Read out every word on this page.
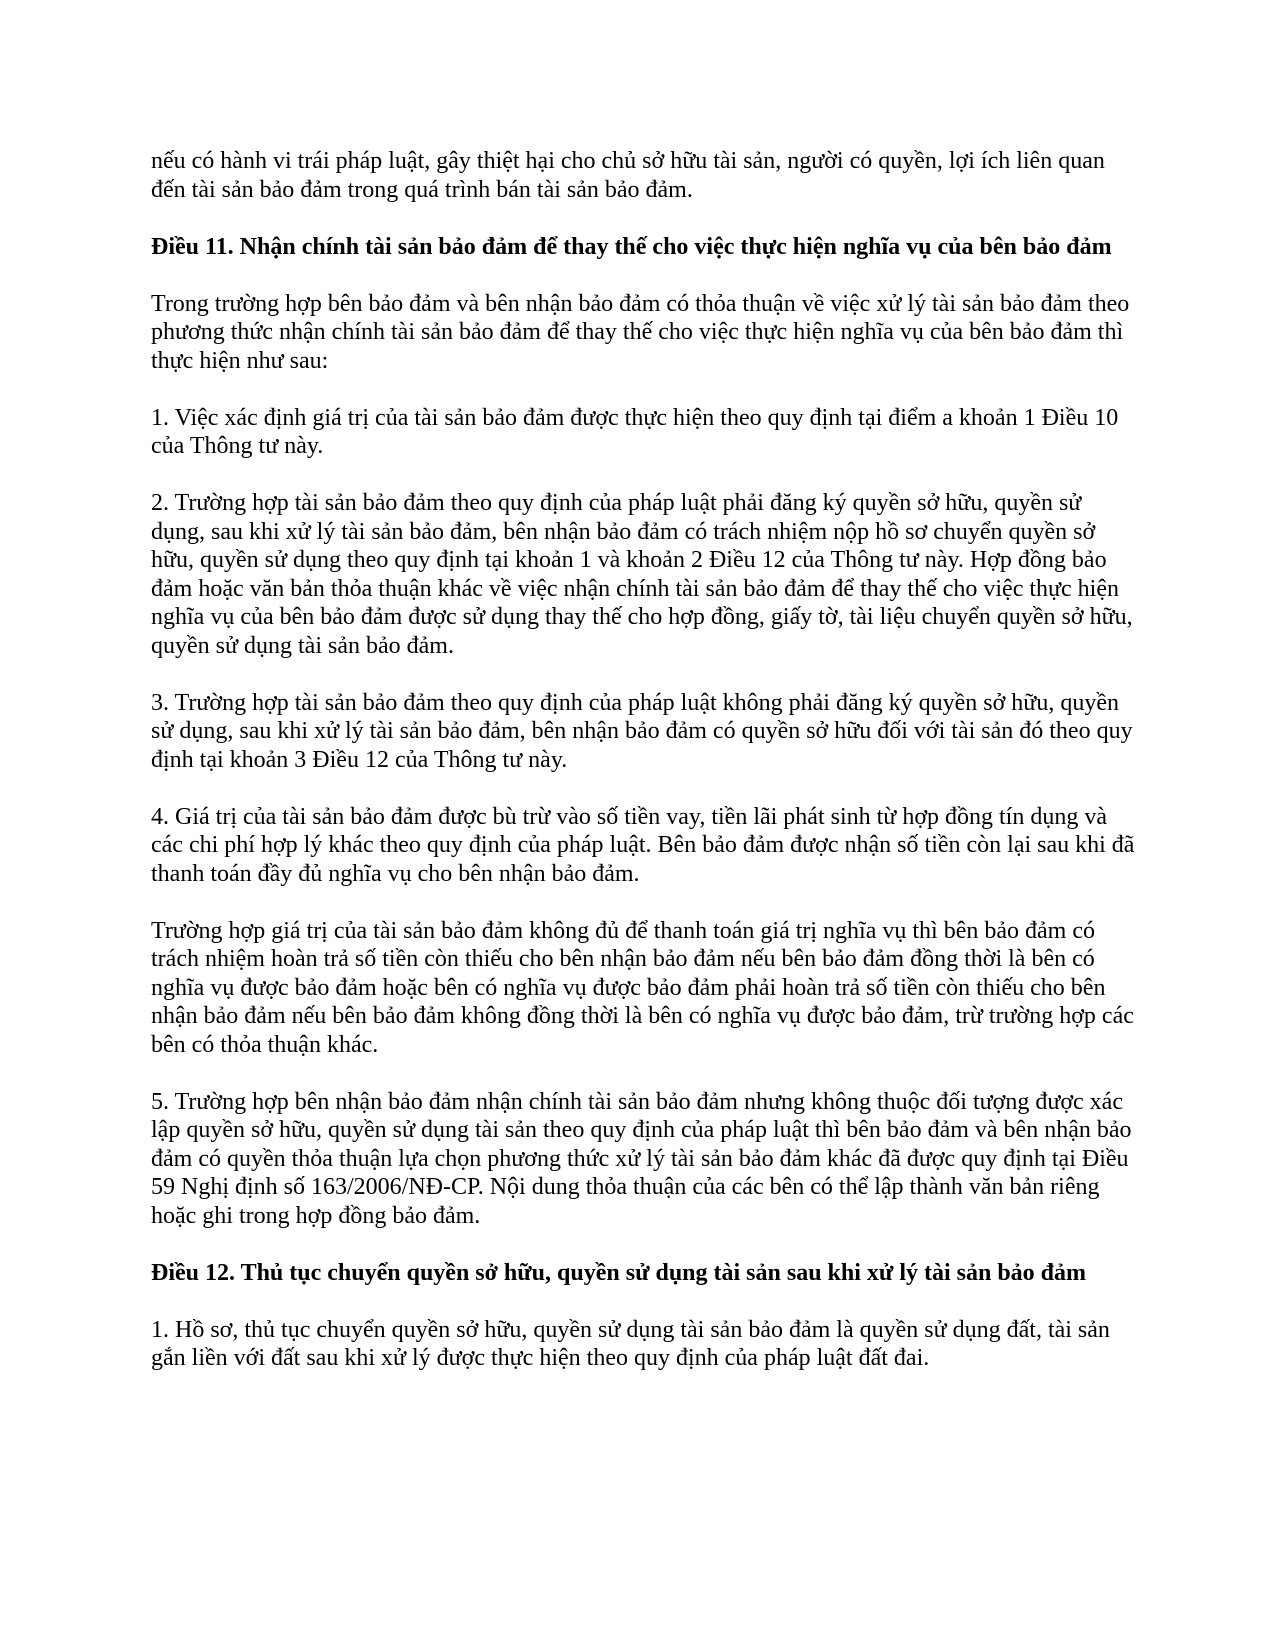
nếu có hành vi trái pháp luật, gây thiệt hại cho chủ sở hữu tài sản, người có quyền, lợi ích liên quan đến tài sản bảo đảm trong quá trình bán tài sản bảo đảm.

Điều 11. Nhận chính tài sản bảo đảm để thay thế cho việc thực hiện nghĩa vụ của bên bảo đảm

Trong trường hợp bên bảo đảm và bên nhận bảo đảm có thỏa thuận về việc xử lý tài sản bảo đảm theo phương thức nhận chính tài sản bảo đảm để thay thế cho việc thực hiện nghĩa vụ của bên bảo đảm thì thực hiện như sau:

1. Việc xác định giá trị của tài sản bảo đảm được thực hiện theo quy định tại điểm a khoản 1 Điều 10 của Thông tư này.

2. Trường hợp tài sản bảo đảm theo quy định của pháp luật phải đăng ký quyền sở hữu, quyền sử dụng, sau khi xử lý tài sản bảo đảm, bên nhận bảo đảm có trách nhiệm nộp hồ sơ chuyển quyền sở hữu, quyền sử dụng theo quy định tại khoản 1 và khoản 2 Điều 12 của Thông tư này. Hợp đồng bảo đảm hoặc văn bản thỏa thuận khác về việc nhận chính tài sản bảo đảm để thay thế cho việc thực hiện nghĩa vụ của bên bảo đảm được sử dụng thay thế cho hợp đồng, giấy tờ, tài liệu chuyển quyền sở hữu, quyền sử dụng tài sản bảo đảm.

3. Trường hợp tài sản bảo đảm theo quy định của pháp luật không phải đăng ký quyền sở hữu, quyền sử dụng, sau khi xử lý tài sản bảo đảm, bên nhận bảo đảm có quyền sở hữu đối với tài sản đó theo quy định tại khoản 3 Điều 12 của Thông tư này.

4. Giá trị của tài sản bảo đảm được bù trừ vào số tiền vay, tiền lãi phát sinh từ hợp đồng tín dụng và các chi phí hợp lý khác theo quy định của pháp luật. Bên bảo đảm được nhận số tiền còn lại sau khi đã thanh toán đầy đủ nghĩa vụ cho bên nhận bảo đảm.

Trường hợp giá trị của tài sản bảo đảm không đủ để thanh toán giá trị nghĩa vụ thì bên bảo đảm có trách nhiệm hoàn trả số tiền còn thiếu cho bên nhận bảo đảm nếu bên bảo đảm đồng thời là bên có nghĩa vụ được bảo đảm hoặc bên có nghĩa vụ được bảo đảm phải hoàn trả số tiền còn thiếu cho bên nhận bảo đảm nếu bên bảo đảm không đồng thời là bên có nghĩa vụ được bảo đảm, trừ trường hợp các bên có thỏa thuận khác.

5. Trường hợp bên nhận bảo đảm nhận chính tài sản bảo đảm nhưng không thuộc đối tượng được xác lập quyền sở hữu, quyền sử dụng tài sản theo quy định của pháp luật thì bên bảo đảm và bên nhận bảo đảm có quyền thỏa thuận lựa chọn phương thức xử lý tài sản bảo đảm khác đã được quy định tại Điều 59 Nghị định số 163/2006/NĐ-CP. Nội dung thỏa thuận của các bên có thể lập thành văn bản riêng hoặc ghi trong hợp đồng bảo đảm.

Điều 12. Thủ tục chuyển quyền sở hữu, quyền sử dụng tài sản sau khi xử lý tài sản bảo đảm

1. Hồ sơ, thủ tục chuyển quyền sở hữu, quyền sử dụng tài sản bảo đảm là quyền sử dụng đất, tài sản gắn liền với đất sau khi xử lý được thực hiện theo quy định của pháp luật đất đai.
